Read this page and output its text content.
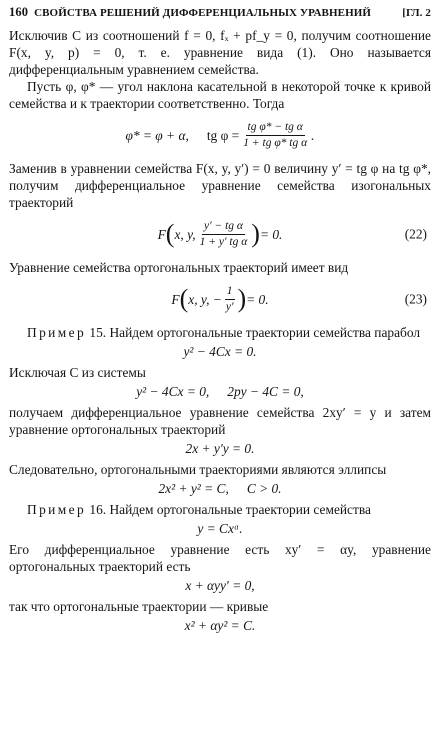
160 СВОЙСТВА РЕШЕНИЙ ДИФФЕРЕНЦИАЛЬНЫХ УРАВНЕНИЙ	[ГЛ. 2

Исключив C из соотношений f = 0, fₓ + pf_y = 0, получим соотношение F(x, y, p) = 0, т. е. уравнение вида (1). Оно называется дифференциальным уравнением семейства.

Пусть φ, φ* — угол наклона касательной в некоторой точке к кривой семейства и к траектории соответственно. Тогда

φ* = φ + α, tg $\varphi = \frac{\text{tg φ* − tg α}}{\text{1 + tg φ* tg α}}$ .

Заменив в уравнении семейства F(x, y, y′) = 0 величину y′ = tg φ на tg φ*, получим дифференциальное уравнение семейства изогональных траекторий

F ( x, y, $\frac{\text{y′ − tg α}}{\text{1 + y′ tg α}}$ ) = 0.	(22)

Уравнение семейства ортогональных траекторий имеет вид

F ( x, y, − $\frac{1}{y'}$ ) = 0.	(23)

Пример 15. Найдем ортогональные траектории семейства парабол

y² − 4Cx = 0.

Исключая C из системы

y² − 4Cx = 0, 2py − 4C = 0,

получаем дифференциальное уравнение семейства 2xy′ = y и затем уравнение ортогональных траекторий

2x + y′y = 0.

Следовательно, ортогональными траекториями являются эллипсы

2x² + y² = C, C > 0.

Пример 16. Найдем ортогональные траектории семейства

y = Cxᵅ.

Его дифференциальное уравнение есть xy′ = αy, уравнение ортогональных траекторий есть

x + αyy′ = 0,

так что ортогональные траектории — кривые

x² + αy² = C.
